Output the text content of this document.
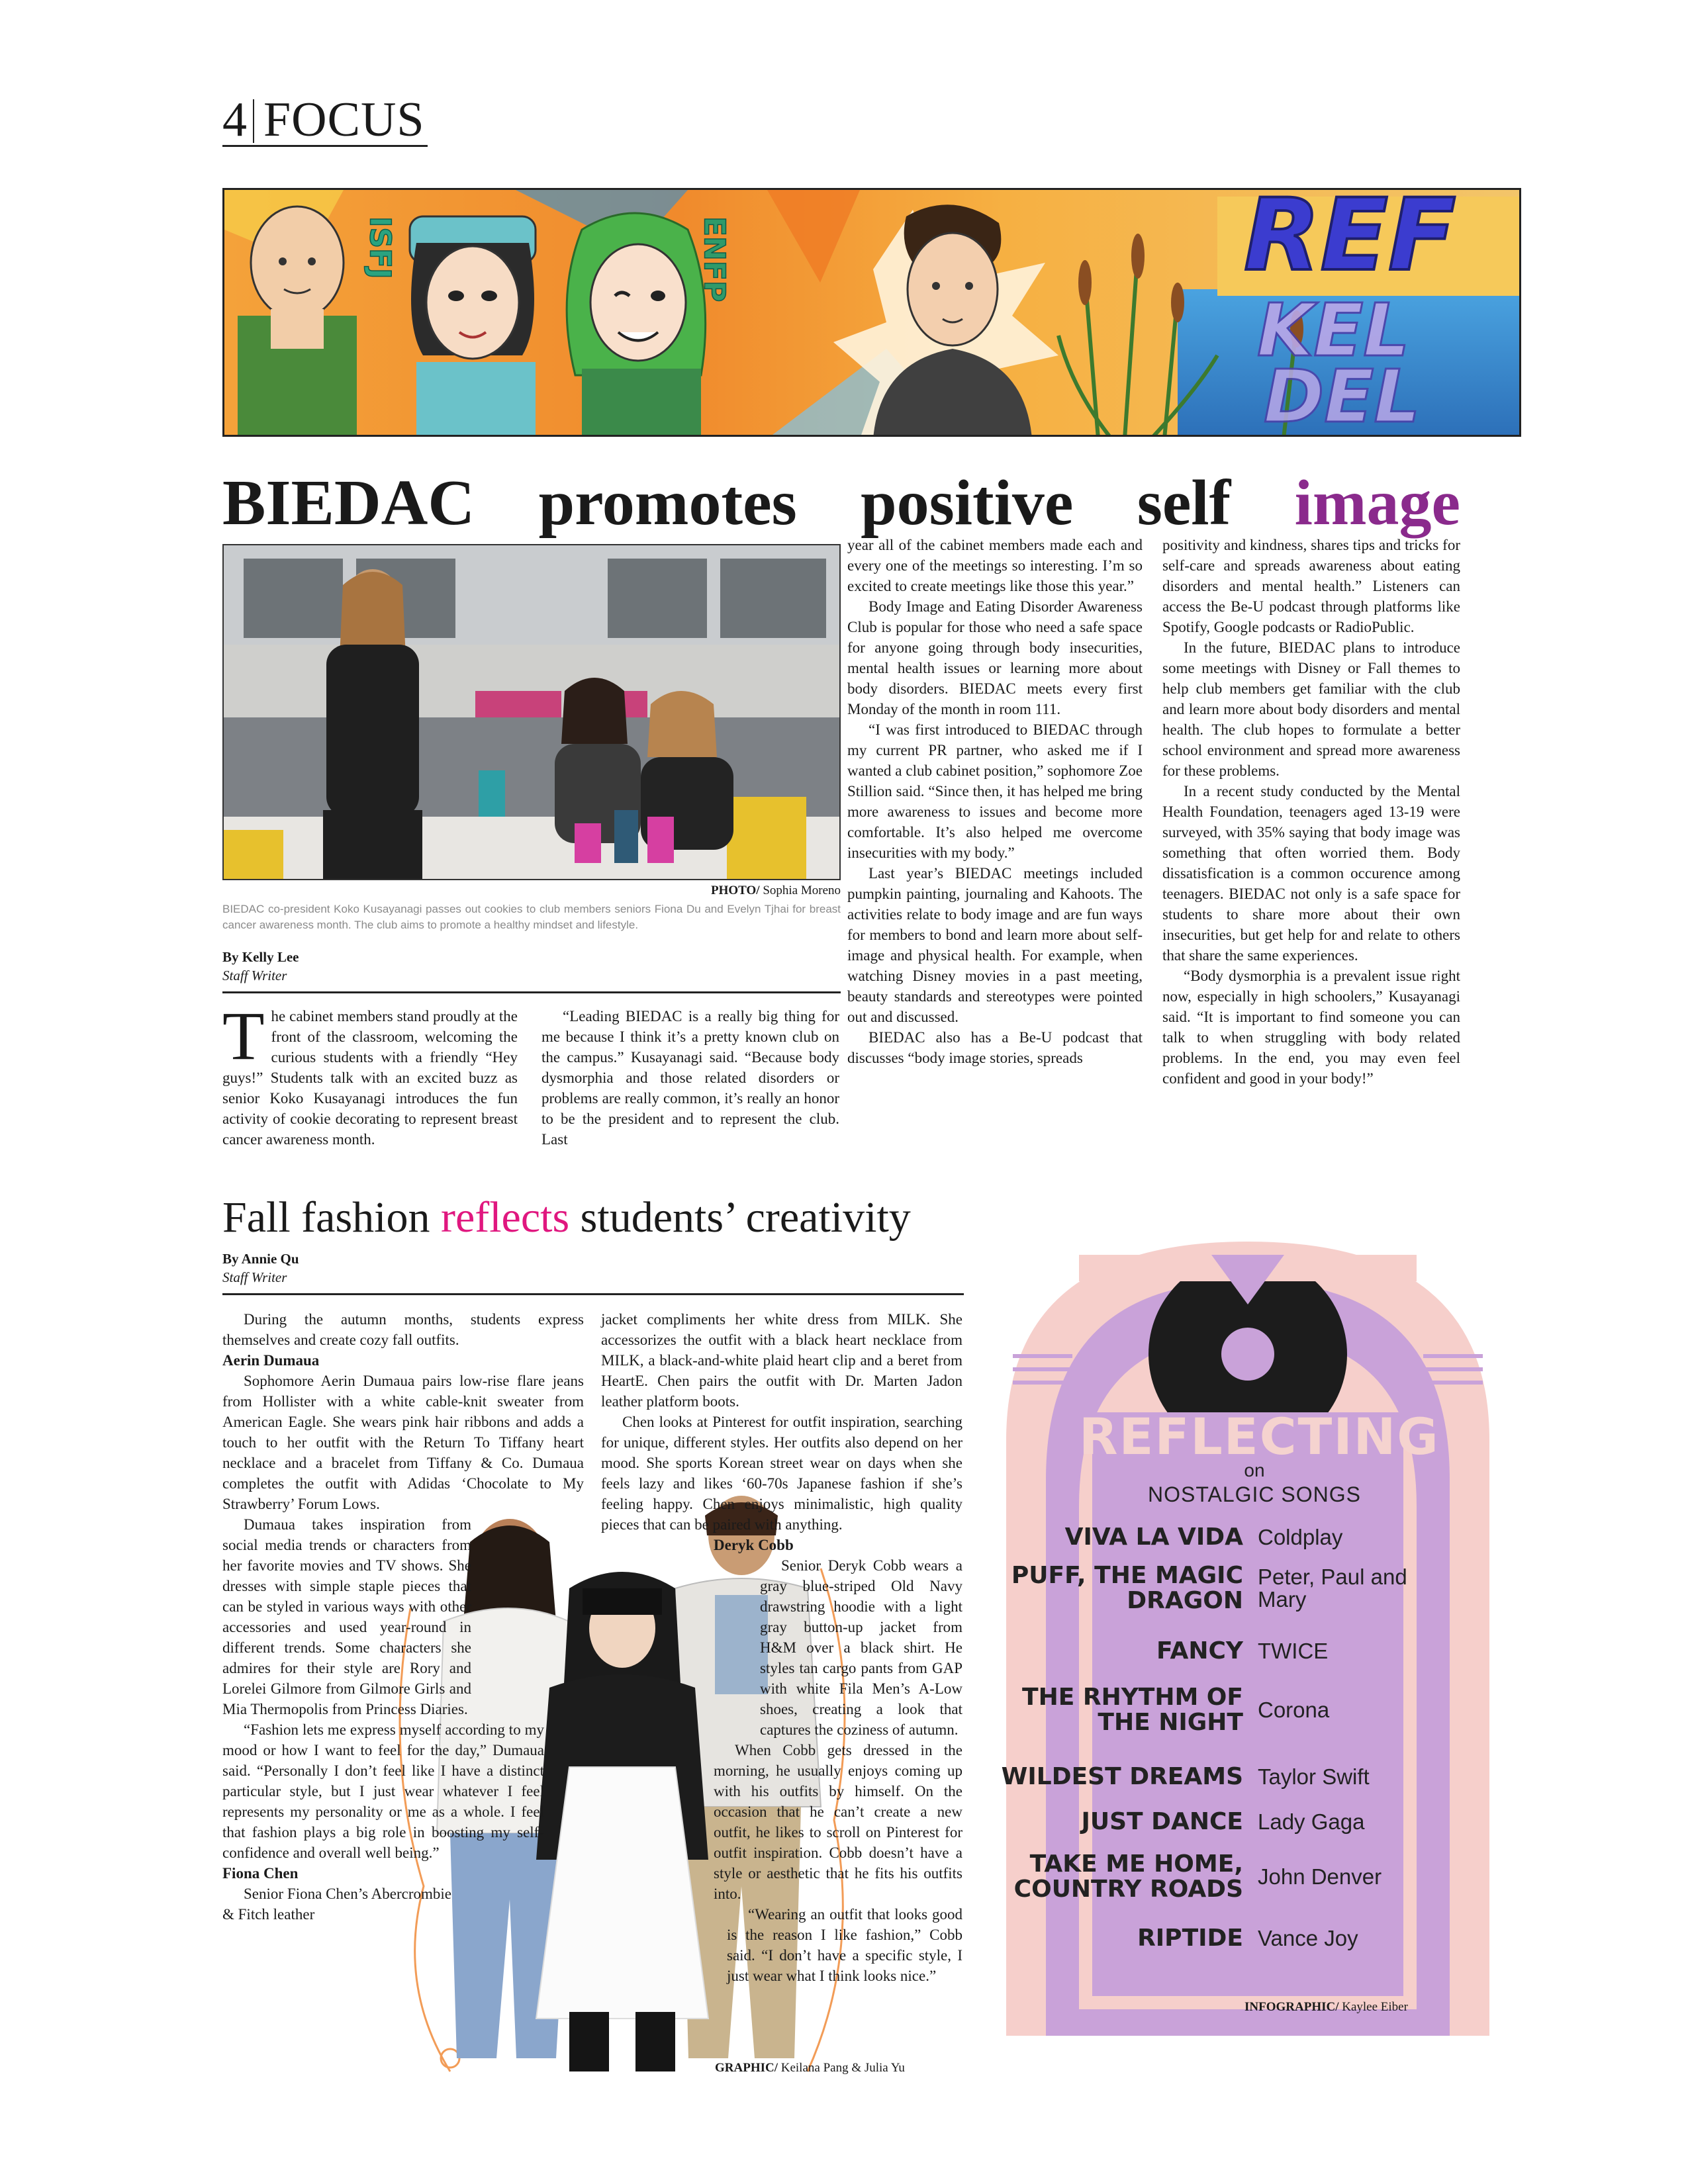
4 FOCUS
REF
KEL
DEL
ISFJ	ENFP
BIEDAC promotes positive self image
PHOTO/ Sophia Moreno
BIEDAC co-president Koko Kusayanagi passes out cookies to club members seniors Fiona Du and Evelyn Tjhai for breast cancer awareness month. The club aims to promote a healthy mindset and lifestyle.
By Kelly Lee
Staff Writer

The cabinet members stand proudly at the front of the classroom, welcoming the curious students with a friendly “Hey guys!” Students talk with an excited buzz as senior Koko Kusayanagi introduces the fun activity of cookie decorating to represent breast cancer awareness month.

“Leading BIEDAC is a really big thing for me because I think it’s a pretty known club on the campus.” Kusayanagi said. “Because body dysmorphia and those related disorders or problems are really common, it’s really an honor to be the president and to represent the club. Last

year all of the cabinet members made each and every one of the meetings so interesting. I’m so excited to create meetings like those this year.”

Body Image and Eating Disorder Awareness Club is popular for those who need a safe space for anyone going through body insecurities, mental health issues or learning more about body disorders. BIEDAC meets every first Monday of the month in room 111.

“I was first introduced to BIEDAC through my current PR partner, who asked me if I wanted a club cabinet position,” sophomore Zoe Stillion said. “Since then, it has helped me bring more awareness to issues and become more comfortable. It’s also helped me overcome insecurities with my body.”

Last year’s BIEDAC meetings included pumpkin painting, journaling and Kahoots. The activities relate to body image and are fun ways for members to bond and learn more about self-image and physical health. For example, when watching Disney movies in a past meeting, beauty standards and stereotypes were pointed out and discussed.

BIEDAC also has a Be-U podcast that discusses “body image stories, spreads

positivity and kindness, shares tips and tricks for self-care and spreads awareness about eating disorders and mental health.” Listeners can access the Be-U podcast through platforms like Spotify, Google podcasts or RadioPublic.

In the future, BIEDAC plans to introduce some meetings with Disney or Fall themes to help club members get familiar with the club and learn more about body disorders and mental health. The club hopes to formulate a better school environment and spread more awareness for these problems.

In a recent study conducted by the Mental Health Foundation, teenagers aged 13-19 were surveyed, with 35% saying that body image was something that often worried them. Body dissatisfication is a common occurence among teenagers. BIEDAC not only is a safe space for students to share more about their own insecurities, but get help for and relate to others that share the same experiences.

“Body dysmorphia is a prevalent issue right now, especially in high schoolers,” Kusayanagi said. “It is important to find someone you can talk to when struggling with body related problems. In the end, you may even feel confident and good in your body!”

Fall fashion reflects students’ creativity
By Annie Qu
Staff Writer

During the autumn months, students express themselves and create cozy fall outfits.

Aerin Dumaua

Sophomore Aerin Dumaua pairs low-rise flare jeans from Hollister with a white cable-knit sweater from American Eagle. She wears pink hair ribbons and adds a touch to her outfit with the Return To Tiffany heart necklace and a bracelet from Tiffany & Co. Dumaua completes the outfit with Adidas ‘Chocolate to My Strawberry’ Forum Lows.

Dumaua takes inspiration from social media trends or characters from her favorite movies and TV shows. She dresses with simple staple pieces that can be styled in various ways with other accessories and used year-round in different trends. Some characters she admires for their style are Rory and Lorelei Gilmore from Gilmore Girls and Mia Thermopolis from Princess Diaries.

“Fashion lets me express myself according to my mood or how I want to feel for the day,” Dumaua said. “Personally I don’t feel like I have a distinct particular style, but I just wear whatever I feel represents my personality or me as a whole. I feel that fashion plays a big role in boosting my self-confidence and overall well being.”

Fiona Chen

Senior Fiona Chen’s Abercrombie & Fitch leather

jacket compliments her white dress from MILK. She accessorizes the outfit with a black heart necklace from MILK, a black-and-white plaid heart clip and a beret from HeartE. Chen pairs the outfit with Dr. Marten Jadon leather platform boots.

Chen looks at Pinterest for outfit inspiration, searching for unique, different styles. Her outfits also depend on her mood. She sports Korean street wear on days when she feels lazy and likes ‘60-70s Japanese fashion if she’s feeling happy. Chen enjoys minimalistic, high quality pieces that can be paired with anything.

Deryk Cobb

Senior Deryk Cobb wears a gray blue-striped Old Navy drawstring hoodie with a light gray button-up jacket from H&M over a black shirt. He styles tan cargo pants from GAP with white Fila Men’s A-Low shoes, creating a look that captures the coziness of autumn.

When Cobb gets dressed in the morning, he usually enjoys coming up with his outfits by himself. On the occasion that he can’t create a new outfit, he likes to scroll on Pinterest for outfit inspiration. Cobb doesn’t have a style or aesthetic that he fits his outfits into.

“Wearing an outfit that looks good is the reason I like fashion,” Cobb said. “I don’t have a specific style, I just wear what I think looks nice.”

GRAPHIC/ Keilana Pang & Julia Yu
REFLECTING
on
NOSTALGIC SONGS
VIVA LA VIDA Coldplay
PUFF, THE MAGIC DRAGON
Peter, Paul and Mary
FANCY TWICE
THE RHYTHM OF THE NIGHT Corona
WILDEST DREAMS Taylor Swift
JUST DANCE Lady Gaga
TAKE ME HOME, COUNTRY ROADS John Denver
RIPTIDE Vance Joy
INFOGRAPHIC/ Kaylee Eiber
